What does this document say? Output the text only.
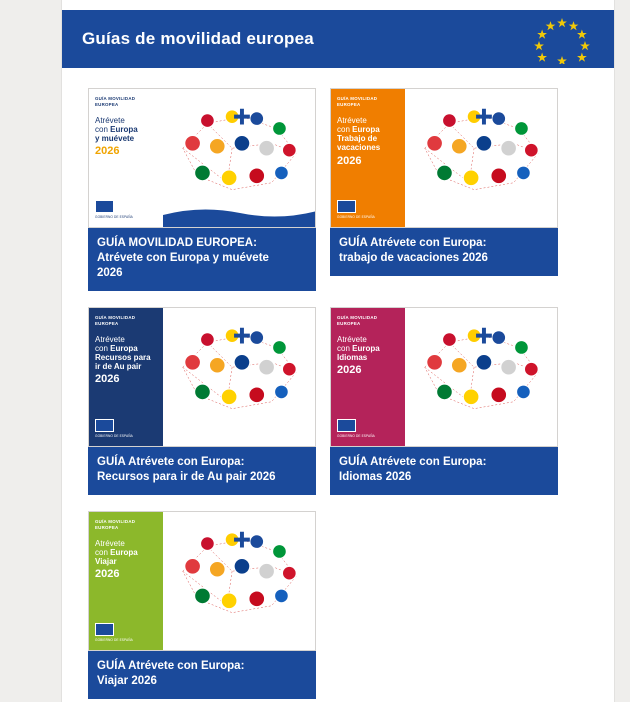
Guías de movilidad europea
GUÍA MOVILIDAD EUROPEA
Atrévete
con Europa
y muévete
2026
GOBIERNO DE ESPAÑA
GUÍA MOVILIDAD EUROPEA:
Atrévete con Europa y muévete
2026
GUÍA MOVILIDAD EUROPEA
Atrévete
con Europa
Trabajo de vacaciones
2026
GOBIERNO DE ESPAÑA
GUÍA Atrévete con Europa:
trabajo de vacaciones 2026
GUÍA MOVILIDAD EUROPEA
Atrévete
con Europa
Recursos para ir de Au pair
2026
GOBIERNO DE ESPAÑA
GUÍA Atrévete con Europa:
Recursos para ir de Au pair 2026
GUÍA MOVILIDAD EUROPEA
Atrévete
con Europa
Idiomas
2026
GOBIERNO DE ESPAÑA
GUÍA Atrévete con Europa:
Idiomas 2026
GUÍA MOVILIDAD EUROPEA
Atrévete
con Europa
Viajar
2026
GOBIERNO DE ESPAÑA
GUÍA Atrévete con Europa:
Viajar 2026
